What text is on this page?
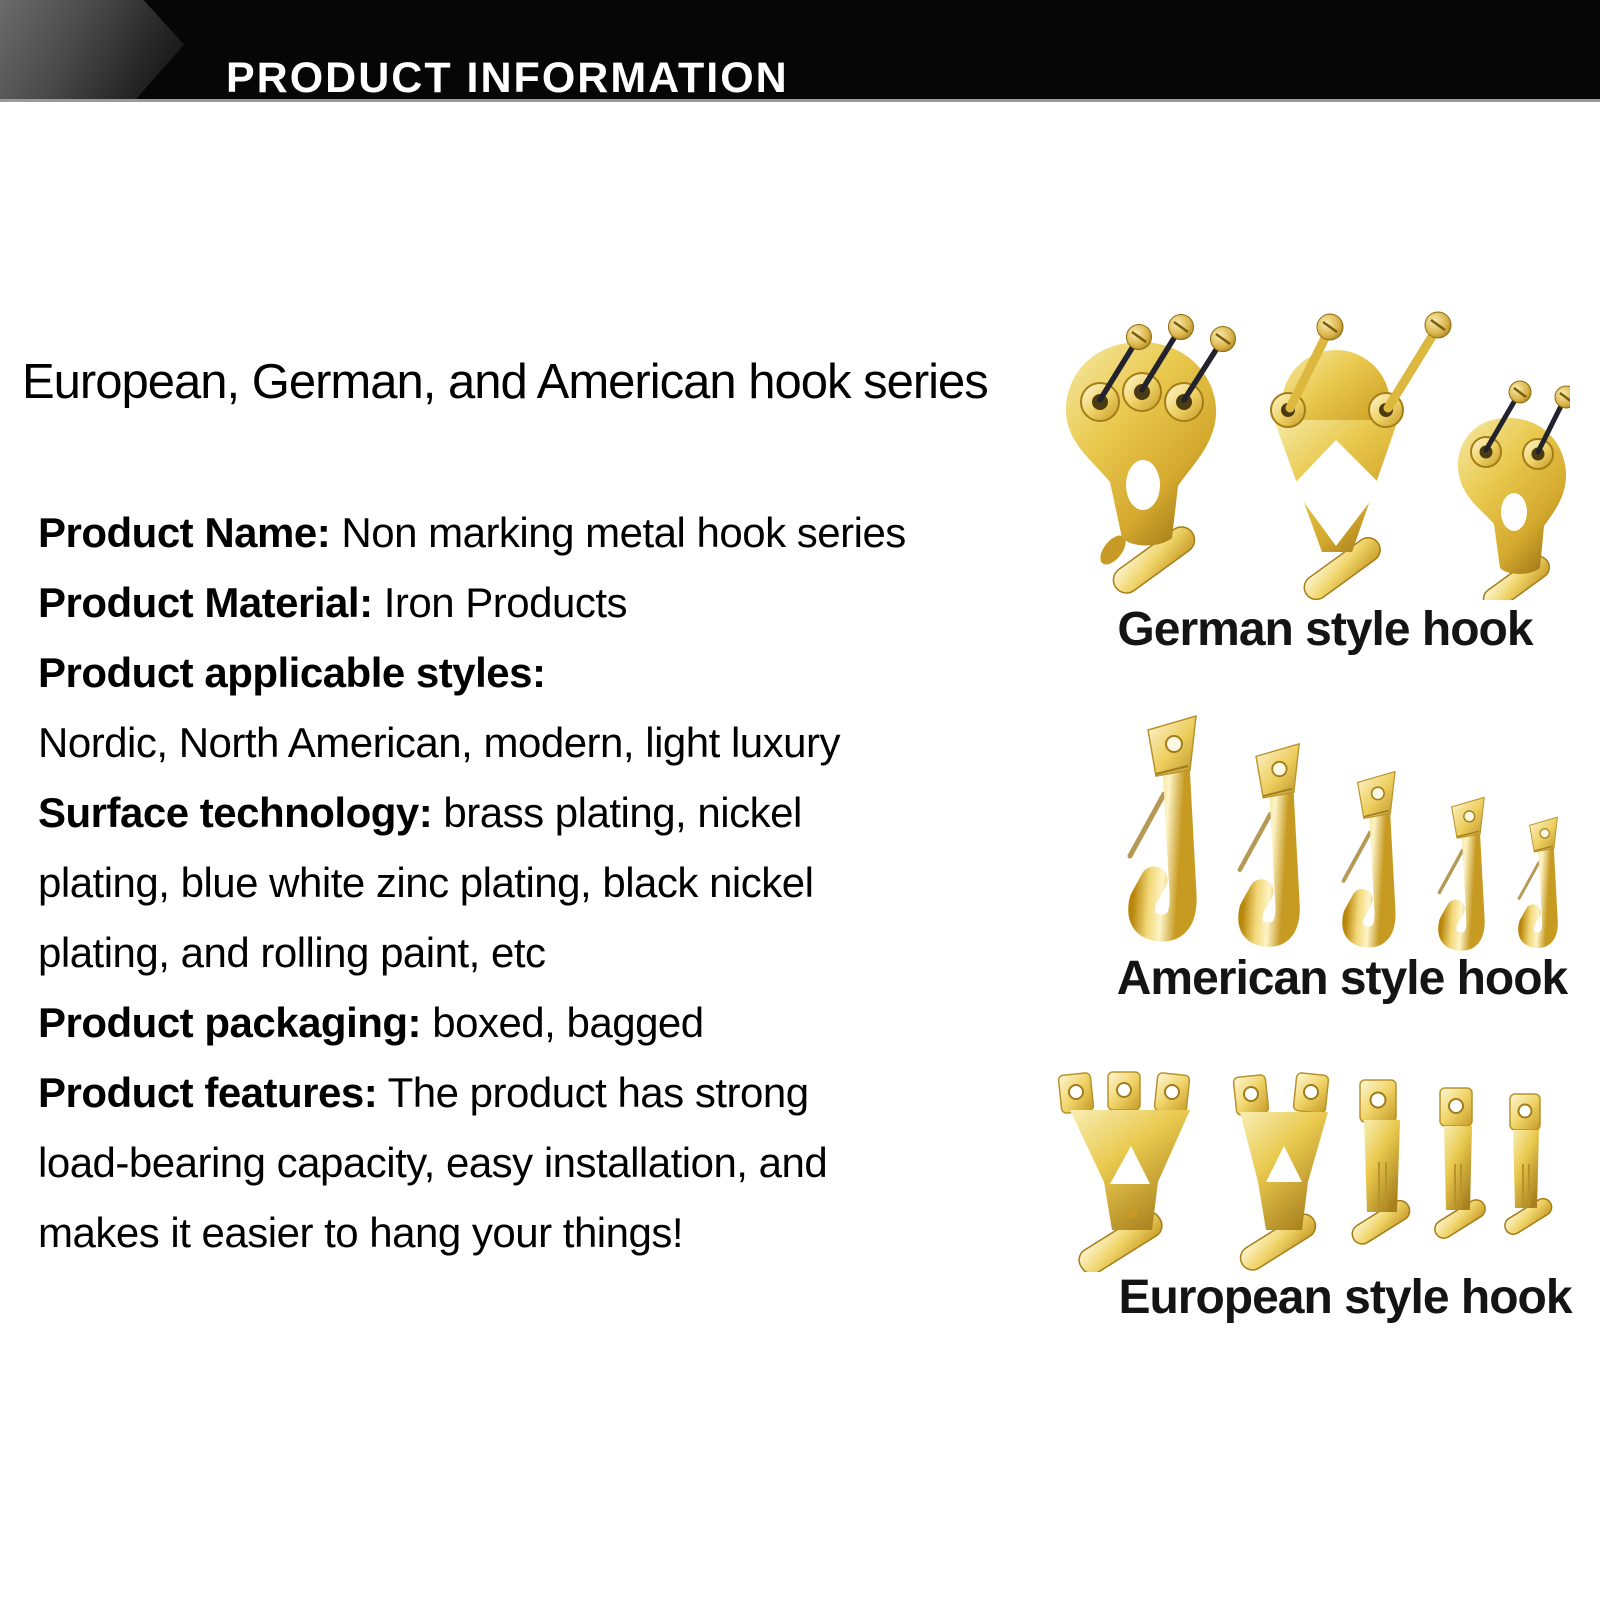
PRODUCT INFORMATION
European, German, and American hook series
Product Name: Non marking metal hook series
Product Material: Iron Products
Product applicable styles:
Nordic, North American, modern, light luxury
Surface technology: brass plating, nickel
plating, blue white zinc plating, black nickel
plating, and rolling paint, etc
Product packaging: boxed, bagged
Product features: The product has strong
load-bearing capacity, easy installation, and
makes it easier to hang your things!
German style hook
American style hook
European style hook
